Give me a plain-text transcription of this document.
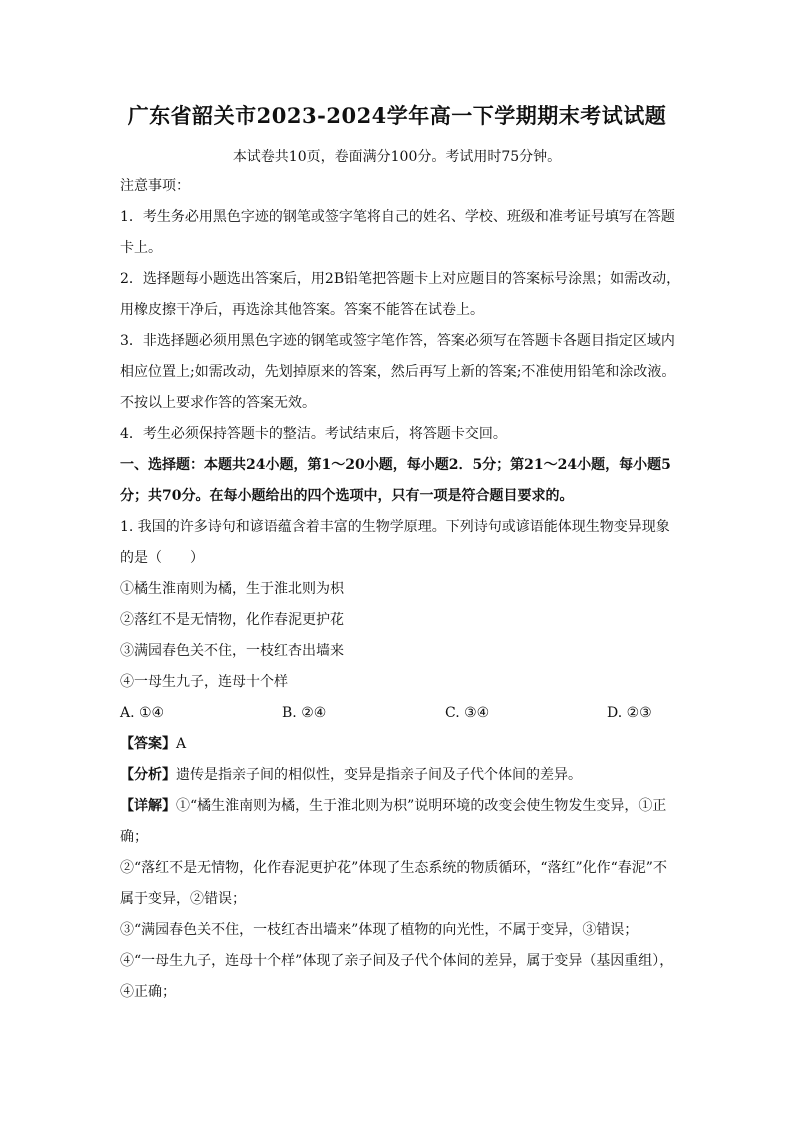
广东省韶关市2023-2024学年高一下学期期末考试试题
本试卷共10页，卷面满分100分。考试用时75分钟。
注意事项：
1．考生务必用黑色字迹的钢笔或签字笔将自己的姓名、学校、班级和准考证号填写在答题
卡上。
2．选择题每小题选出答案后，用2B铅笔把答题卡上对应题目的答案标号涂黑；如需改动，
用橡皮擦干净后，再选涂其他答案。答案不能答在试卷上。
3．非选择题必须用黑色字迹的钢笔或签字笔作答，答案必须写在答题卡各题目指定区域内
相应位置上;如需改动，先划掉原来的答案，然后再写上新的答案;不准使用铅笔和涂改液。
不按以上要求作答的答案无效。
4．考生必须保持答题卡的整洁。考试结束后，将答题卡交回。
一、选择题：本题共24小题，第1～20小题，每小题2．5分；第21～24小题，每小题5
分；共70分。在每小题给出的四个选项中，只有一项是符合题目要求的。
1. 我国的许多诗句和谚语蕴含着丰富的生物学原理。下列诗句或谚语能体现生物变异现象
的是（　　）
①橘生淮南则为橘，生于淮北则为枳
②落红不是无情物，化作春泥更护花
③满园春色关不住，一枝红杏出墙来
④一母生九子，连母十个样
A. ①④	B. ②④	C. ③④	D. ②③
【答案】A
【分析】遗传是指亲子间的相似性，变异是指亲子间及子代个体间的差异。
【详解】①“橘生淮南则为橘，生于淮北则为枳”说明环境的改变会使生物发生变异，①正
确；
②“落红不是无情物，化作春泥更护花”体现了生态系统的物质循环，“落红”化作“春泥”不
属于变异，②错误；
③“满园春色关不住，一枝红杏出墙来”体现了植物的向光性，不属于变异，③错误；
④“一母生九子，连母十个样”体现了亲子间及子代个体间的差异，属于变异（基因重组），
④正确；
